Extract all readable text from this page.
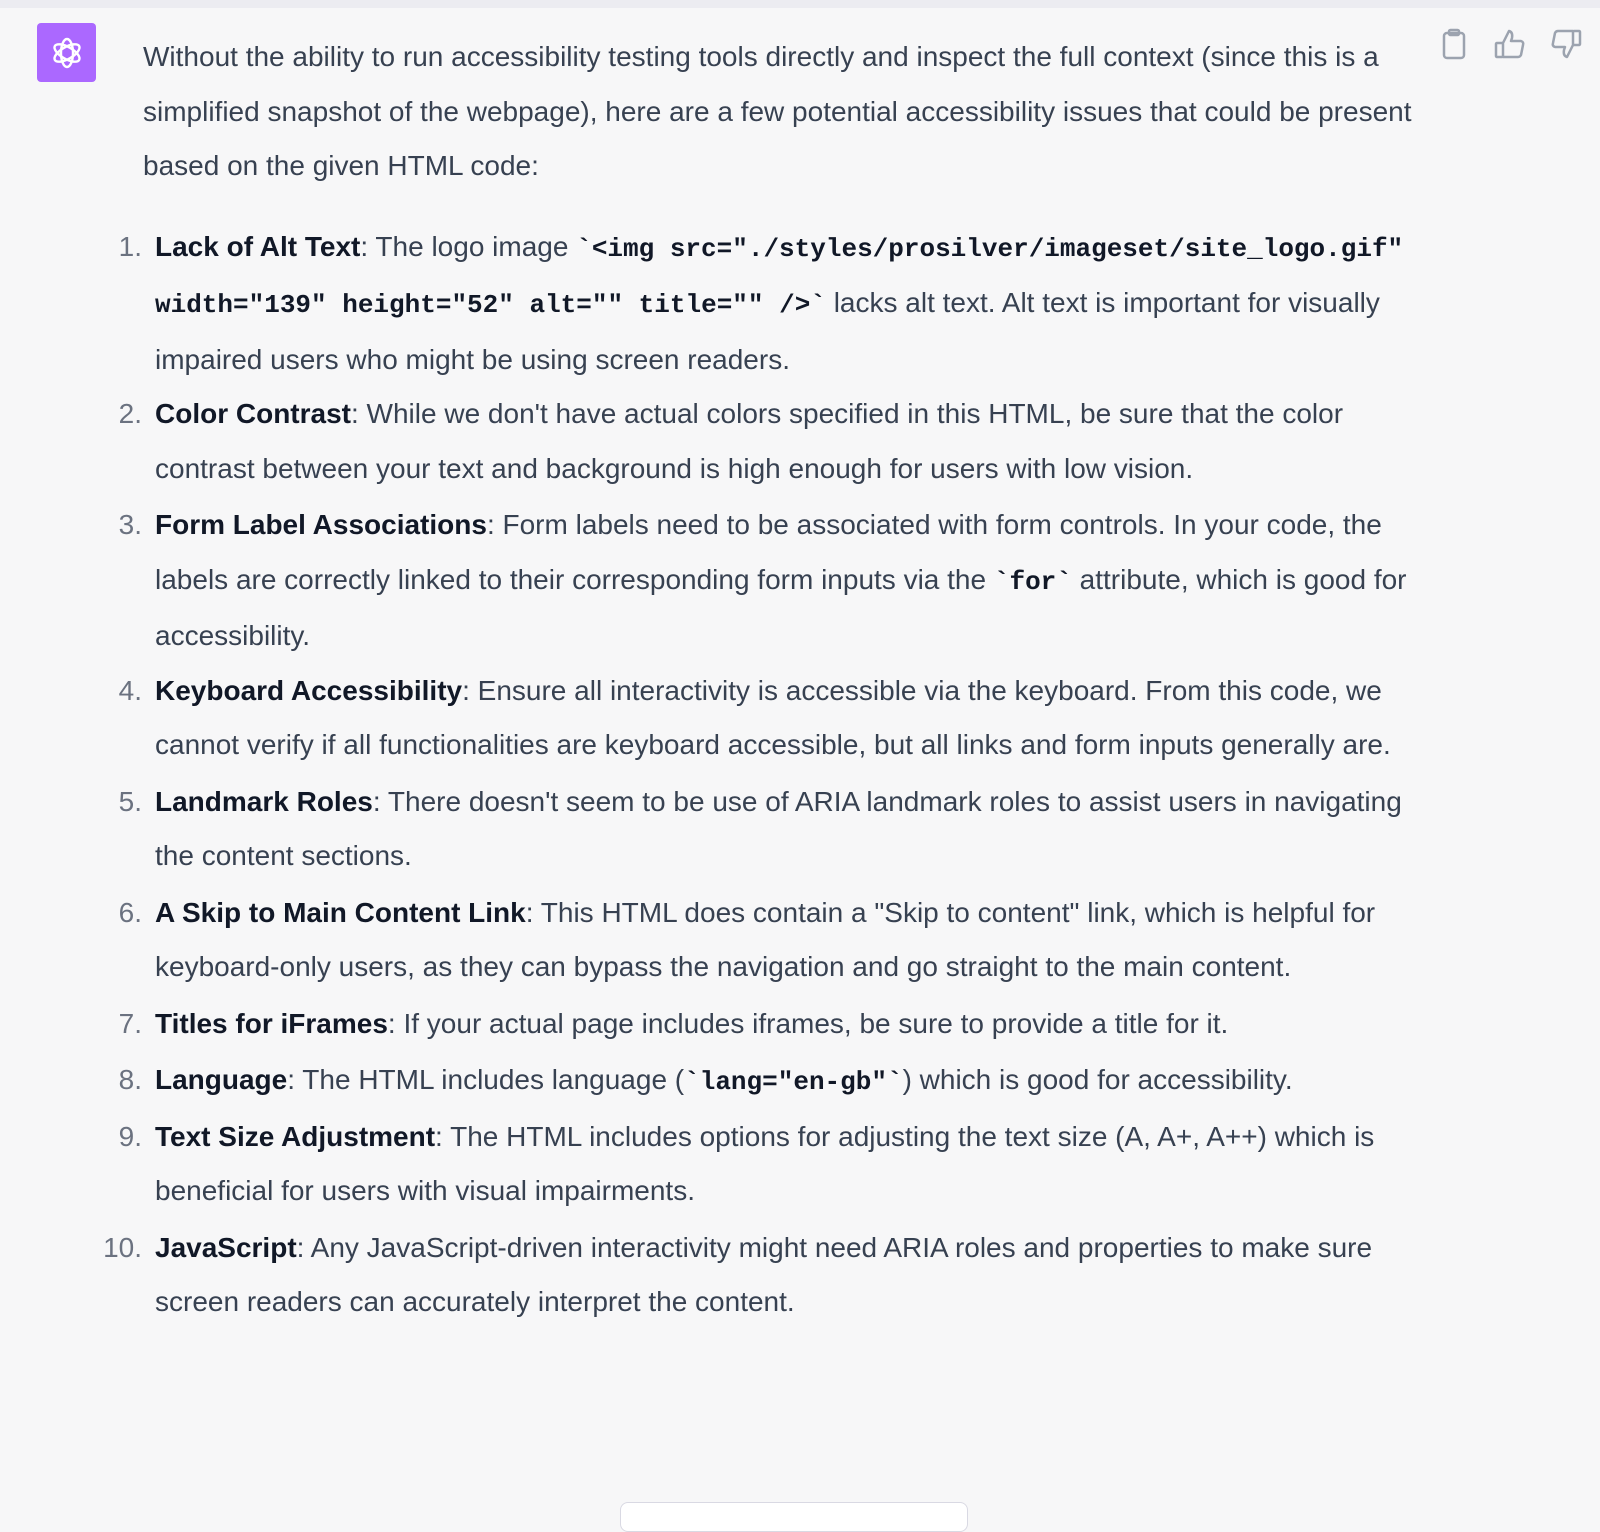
Without the ability to run accessibility testing tools directly and inspect the full context (since this is a simplified snapshot of the webpage), here are a few potential accessibility issues that could be present based on the given HTML code:

1. Lack of Alt Text: The logo image `<img src="./styles/prosilver/imageset/site_logo.gif" width="139" height="52" alt="" title="" />` lacks alt text. Alt text is important for visually impaired users who might be using screen readers.
2. Color Contrast: While we don't have actual colors specified in this HTML, be sure that the color contrast between your text and background is high enough for users with low vision.
3. Form Label Associations: Form labels need to be associated with form controls. In your code, the labels are correctly linked to their corresponding form inputs via the `for` attribute, which is good for accessibility.
4. Keyboard Accessibility: Ensure all interactivity is accessible via the keyboard. From this code, we cannot verify if all functionalities are keyboard accessible, but all links and form inputs generally are.
5. Landmark Roles: There doesn't seem to be use of ARIA landmark roles to assist users in navigating the content sections.
6. A Skip to Main Content Link: This HTML does contain a "Skip to content" link, which is helpful for keyboard-only users, as they can bypass the navigation and go straight to the main content.
7. Titles for iFrames: If your actual page includes iframes, be sure to provide a title for it.
8. Language: The HTML includes language (`lang="en-gb"`) which is good for accessibility.
9. Text Size Adjustment: The HTML includes options for adjusting the text size (A, A+, A++) which is beneficial for users with visual impairments.
10. JavaScript: Any JavaScript-driven interactivity might need ARIA roles and properties to make sure screen readers can accurately interpret the content.
